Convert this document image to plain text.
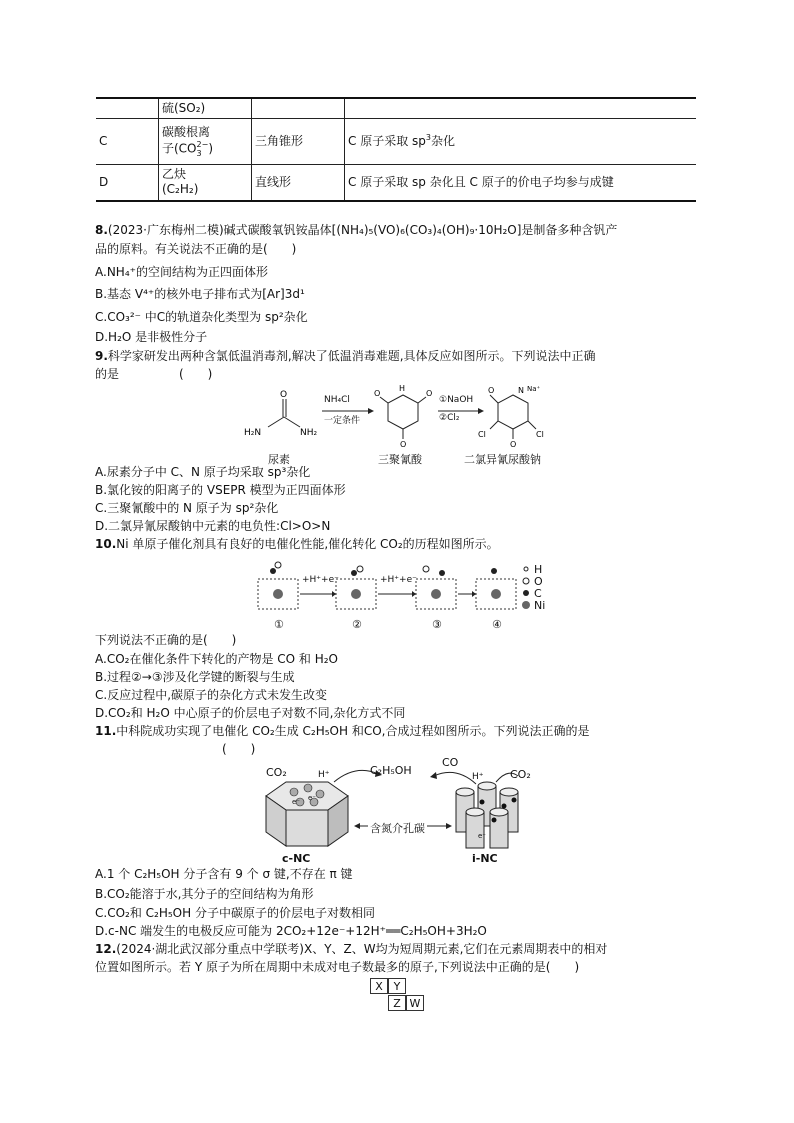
	硫(SO₂)		
C	碳酸根离
子(CO 2−
3 )	三角锥形	C 原子采取 $sp^3$杂化
D	乙炔
(C₂H₂)	直线形	C 原子采取 sp 杂化且 C 原子的价电子均参与成键
8.(2023·广东梅州二模)碱式碳酸氧钒铵晶体[(NH₄)₅(VO)₆(CO₃)₄(OH)₉·10H₂O]是制备多种含钒产
品的原料。有关说法不正确的是(　　)
A.NH₄⁺的空间结构为正四面体形
B.基态 V⁴⁺的核外电子排布式为[Ar]3d¹
C.CO₃²⁻ 中C的轨道杂化类型为 sp²杂化
D.H₂O 是非极性分子
9.科学家研发出两种含氯低温消毒剂,解决了低温消毒难题,具体反应如图所示。下列说法中正确
的是　　　　　(　　)
O
H₂N	NH₂
H
O
O	O	O	N Na⁺
O
Cl	Cl
NH₄Cl
一定条件
①NaOH
②Cl₂
尿素	三聚氰酸	二氯异氰尿酸钠
A.尿素分子中 C、N 原子均采取 sp³杂化
B.氯化铵的阳离子的 VSEPR 模型为正四面体形
C.三聚氰酸中的 N 原子为 sp²杂化
D.二氯异氰尿酸钠中元素的电负性:Cl>O>N
10.Ni 单原子催化剂具有良好的电催化性能,催化转化 CO₂的历程如图所示。
+H⁺+e⁻	+H⁺+e⁻
H
O
C
Ni
①	②	③	④
下列说法不正确的是(　　)
A.CO₂在催化条件下转化的产物是 CO 和 H₂O
B.过程②→③涉及化学键的断裂与生成
C.反应过程中,碳原子的杂化方式未发生改变
D.CO₂和 H₂O 中心原子的价层电子对数不同,杂化方式不同
11.中科院成功实现了电催化 CO₂生成 C₂H₅OH 和CO,合成过程如图所示。下列说法正确的是
(　　)
CO₂	H⁺	C₂H₅OH
CO
H⁺ CO₂
含氮介孔碳
c-NC	i-NC
e⁻ e⁻
e⁻
A.1 个 C₂H₅OH 分子含有 9 个 σ 键,不存在 π 键
B.CO₂能溶于水,其分子的空间结构为角形
C.CO₂和 C₂H₅OH 分子中碳原子的价层电子对数相同
D.c-NC 端发生的电极反应可能为 2CO₂+12e⁻+12H⁺══C₂H₅OH+3H₂O
12.(2024·湖北武汉部分重点中学联考)X、Y、Z、W均为短周期元素,它们在元素周期表中的相对
位置如图所示。若 Y 原子为所在周期中未成对电子数最多的原子,下列说法中正确的是(　　)
X Y
Z W
